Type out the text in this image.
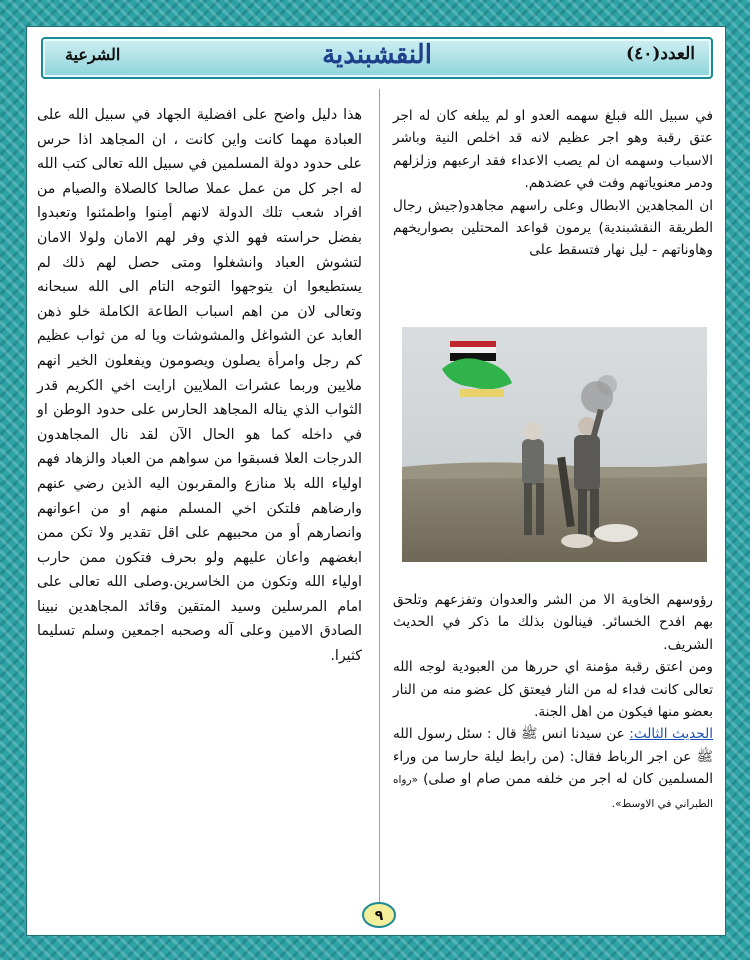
العدد(٤٠)
النقشبندية
الشرعية

في سبيل الله فبلغ سهمه العدو او لم يبلغه كان له اجر عتق رقبة وهو اجر عظيم لانه قد اخلص النية وباشر الاسباب وسهمه ان لم يصب الاعداء فقد ارعبهم وزلزلهم ودمر معنوياتهم وفت في عضدهم.

ان المجاهدين الابطال وعلى راسهم مجاهدو(جيش رجال الطريقة النقشبندية) يرمون قواعد المحتلين بصواريخهم وهاوناتهم - ليل نهار فتسقط على

رؤوسهم الخاوية الا من الشر والعدوان وتفزعهم وتلحق بهم افدح الخسائر. فينالون بذلك ما ذكر في الحديث الشريف.

ومن اعتق رقبة مؤمنة اي حررها من العبودية لوجه الله تعالى كانت فداء له من النار فيعتق كل عضو منه من النار بعضو منها فيكون من اهل الجنة.

الحديث الثالث: عن سيدنا انس ﷺ قال : سئل رسول الله ﷺ عن اجر الرباط فقال: (من رابط ليلة حارسا من وراء المسلمين كان له اجر من خلفه ممن صام او صلى) «رواه الطبراني في الاوسط».

هذا دليل واضح على افضلية الجهاد في سبيل الله على العبادة مهما كانت واين كانت ، ان المجاهد اذا حرس على حدود دولة المسلمين في سبيل الله تعالى كتب الله له اجر كل من عمل عملا صالحا كالصلاة والصيام من افراد شعب تلك الدولة لانهم أمِنوا واطمئنوا وتعبدوا بفضل حراسته فهو الذي وفر لهم الامان ولولا الامان لتشوش العباد وانشغلوا ومتى حصل لهم ذلك لم يستطيعوا ان يتوجهوا التوجه التام الى الله سبحانه وتعالى لان من اهم اسباب الطاعة الكاملة خلو ذهن العابد عن الشواغل والمشوشات ويا له من ثواب عظيم كم رجل وامرأة يصلون ويصومون ويفعلون الخير انهم ملايين وربما عشرات الملايين ارايت اخي الكريم قدر الثواب الذي يناله المجاهد الحارس على حدود الوطن او في داخله كما هو الحال الآن لقد نال المجاهدون الدرجات العلا فسبقوا من سواهم من العباد والزهاد فهم اولياء الله بلا منازع والمقربون اليه الذين رضي عنهم وارضاهم فلتكن اخي المسلم منهم او من اعوانهم وانصارهم أو من محبيهم على اقل تقدير ولا تكن ممن ابغضهم واعان عليهم ولو بحرف فتكون ممن حارب اولياء الله وتكون من الخاسرين.وصلى الله تعالى على امام المرسلين وسيد المتقين وقائد المجاهدين نبينا الصادق الامين وعلى آله وصحبه اجمعين وسلم تسليما كثيرا.

٩
